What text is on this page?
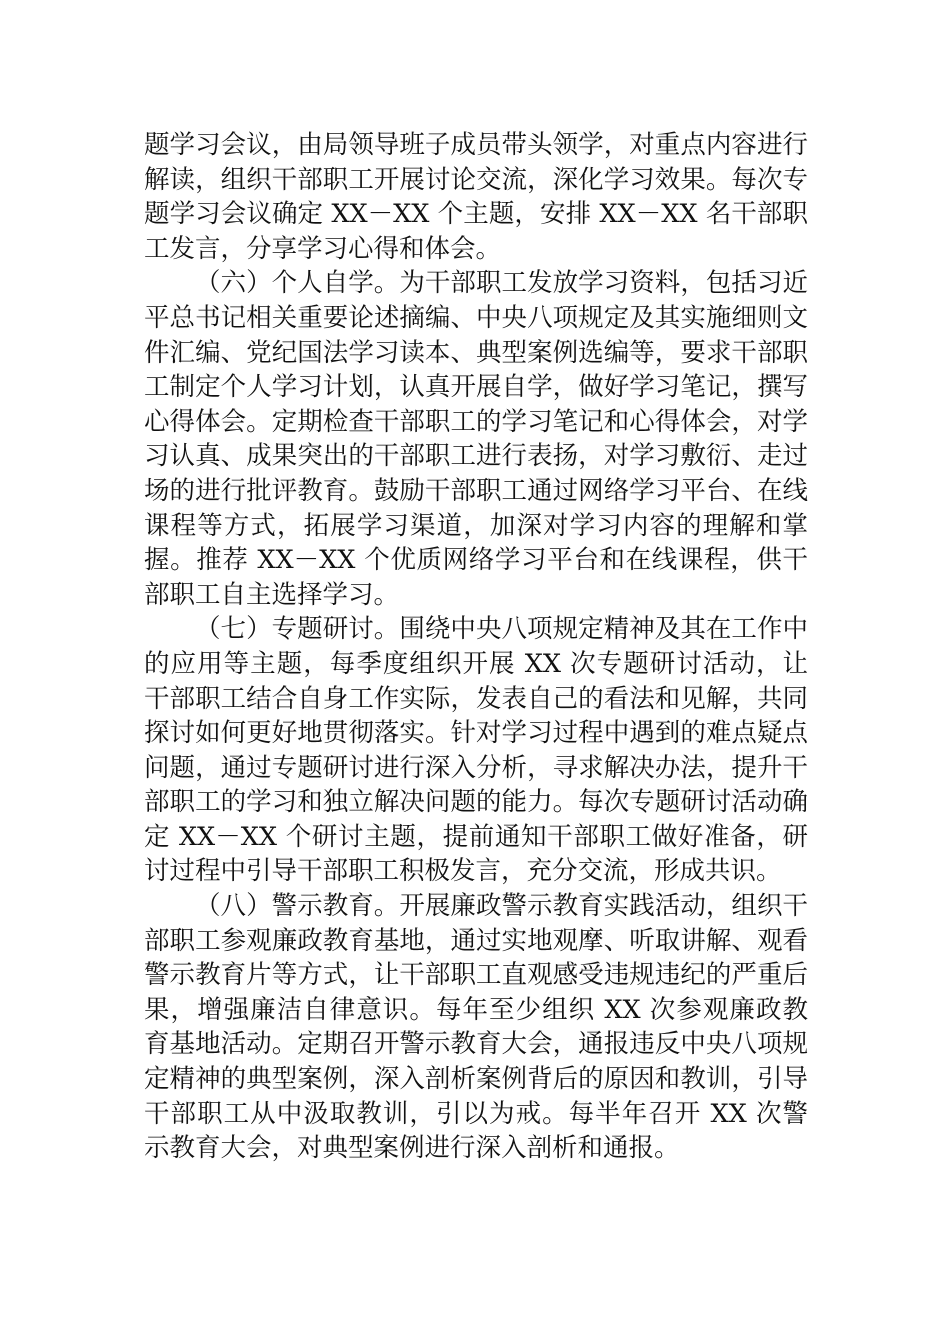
题学习会议，由局领导班子成员带头领学，对重点内容进行解读，组织干部职工开展讨论交流，深化学习效果。每次专题学习会议确定 XX－XX 个主题，安排 XX－XX 名干部职工发言，分享学习心得和体会。

（六）个人自学。为干部职工发放学习资料，包括习近平总书记相关重要论述摘编、中央八项规定及其实施细则文件汇编、党纪国法学习读本、典型案例选编等，要求干部职工制定个人学习计划，认真开展自学，做好学习笔记，撰写心得体会。定期检查干部职工的学习笔记和心得体会，对学习认真、成果突出的干部职工进行表扬，对学习敷衍、走过场的进行批评教育。鼓励干部职工通过网络学习平台、在线课程等方式，拓展学习渠道，加深对学习内容的理解和掌握。推荐 XX－XX 个优质网络学习平台和在线课程，供干部职工自主选择学习。

（七）专题研讨。围绕中央八项规定精神及其在工作中的应用等主题，每季度组织开展 XX 次专题研讨活动，让干部职工结合自身工作实际，发表自己的看法和见解，共同探讨如何更好地贯彻落实。针对学习过程中遇到的难点疑点问题，通过专题研讨进行深入分析，寻求解决办法，提升干部职工的学习和独立解决问题的能力。每次专题研讨活动确定 XX－XX 个研讨主题，提前通知干部职工做好准备，研讨过程中引导干部职工积极发言，充分交流，形成共识。

（八）警示教育。开展廉政警示教育实践活动，组织干部职工参观廉政教育基地，通过实地观摩、听取讲解、观看警示教育片等方式，让干部职工直观感受违规违纪的严重后果，增强廉洁自律意识。每年至少组织 XX 次参观廉政教育基地活动。定期召开警示教育大会，通报违反中央八项规定精神的典型案例，深入剖析案例背后的原因和教训，引导干部职工从中汲取教训，引以为戒。每半年召开 XX 次警示教育大会，对典型案例进行深入剖析和通报。
